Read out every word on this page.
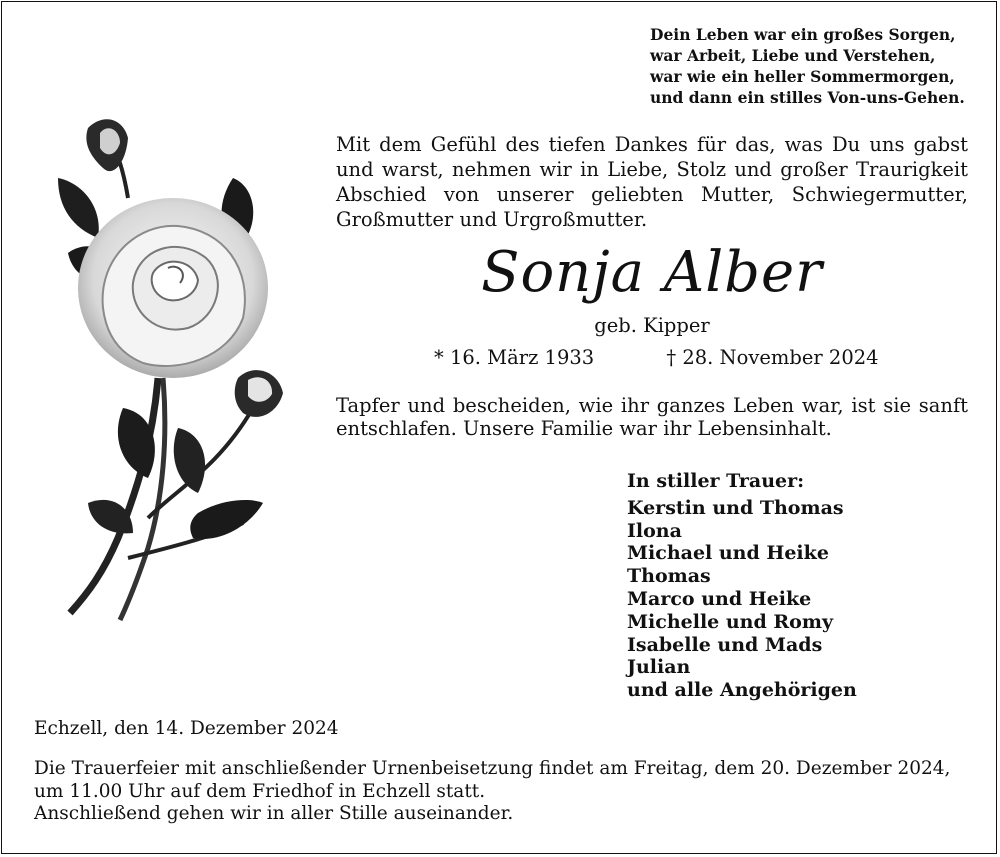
Dein Leben war ein großes Sorgen,
war Arbeit, Liebe und Verstehen,
war wie ein heller Sommermorgen,
und dann ein stilles Von-uns-Gehen.
Mit dem Gefühl des tiefen Dankes für das, was Du uns gabst
und warst, nehmen wir in Liebe, Stolz und großer Traurigkeit
Abschied von unserer geliebten Mutter, Schwiegermutter,
Großmutter und Urgroßmutter.
Sonja Alber
geb. Kipper
* 16. März 1933	† 28. November 2024
Tapfer und bescheiden, wie ihr ganzes Leben war, ist sie sanft
entschlafen. Unsere Familie war ihr Lebensinhalt.
In stiller Trauer:
Kerstin und Thomas
Ilona
Michael und Heike
Thomas
Marco und Heike
Michelle und Romy
Isabelle und Mads
Julian
und alle Angehörigen
Echzell, den 14. Dezember 2024
Die Trauerfeier mit anschließender Urnenbeisetzung findet am Freitag, dem 20. Dezember 2024,
um 11.00 Uhr auf dem Friedhof in Echzell statt.
Anschließend gehen wir in aller Stille auseinander.
